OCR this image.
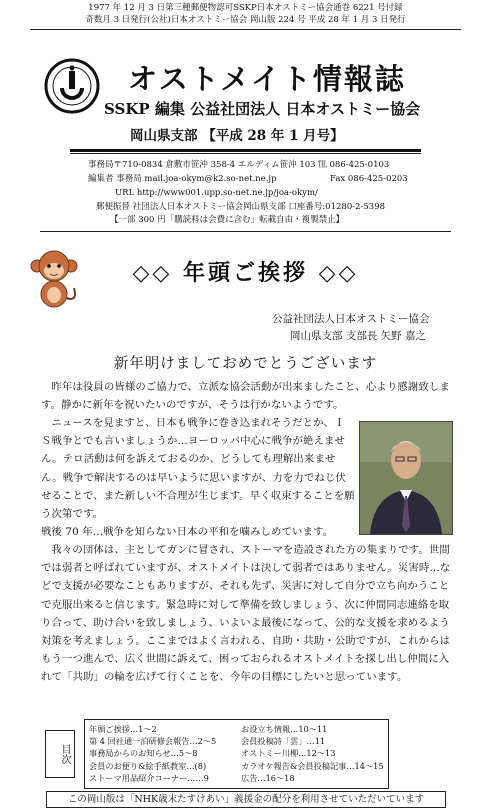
1977 年 12 月 3 日第三種郵便物認可SSKP日本オストミー協会通巻 6221 号付録
奇数月 3 日発行(公社)日本オストミー協会 岡山版 224 号 平成 28 年 1 月 3 日発行
オストメイト情報誌
SSKP 編集 公益社団法人 日本オストミー協会
岡山県支部 【平成 28 年 1 月号】
事務局〒710-0834 倉敷市笹沖 358-4 エルディム笹沖 103 ℡ 086-425-0103
編集者 事務局 mail.joa-okym@k2.so-net.ne.jp	Fax 086-425-0203
URL http://www001.upp.so-net.ne.jp/joa-okym/
郵便振替 社団法人日本オストミー協会岡山県支部 口座番号:01280-2-5398
【一部 300 円「購読料は会費に含む」転載自由・複製禁止】
◇◇ 年頭ご挨拶 ◇◇
公益社団法人日本オストミー協会
岡山県支部 支部長 矢野 嘉之
新年明けましておめでとうございます

昨年は役員の皆様のご協力で、立派な協会活動が出来ましたこと、心より感謝致します。静かに新年を祝いたいのですが、そうは行かないようです。

ニュースを見ますと、日本も戦争に巻き込まれそうだとか、ＩＳ戦争とでも言いましょうか…ヨーロッパ中心に戦争が絶えません。テロ活動は何を訴えておるのか、どうしても理解出来ません。戦争で解決するのは早いように思いますが、力を力でねじ伏せることで、また新しい不合理が生じます。早く収束することを願う次第です。

戦後 70 年…戦争を知らない日本の平和を噛みしめています。

我々の団体は、主としてガンに冒され、ストーマを造設された方の集まりです。世間では弱者と呼ばれていますが、オストメイトは決して弱者ではありません。災害時…などで支援が必要なこともありますが、それも先ず、災害に対して自分で立ち向かうことで克服出来ると信じます。緊急時に対して準備を致しましょう、次に仲間同志連絡を取り合って、助け合いを致しましょう、いよいよ最後になって、公的な支援を求めるよう対策を考えましょう。ここまではよく言われる、自助・共助・公助ですが、これからはもう一つ進んで、広く世間に訴えて、困っておられるオストメイトを探し出し仲間に入れて「共助」の輪を広げて行くことを、今年の目標にしたいと思っています。

目次
年頭ご挨拶…1～2
第 4 回社通一泊研修会報告…2～5
事務局からのお知らせ…5～8
会員のお便り&絵手紙教室…(8)
ストーマ用品紹介コーナー……9
お役立ち情報…10～11
会員投稿詩「雲」…11
オストミー川柳…12～13
カラオケ報告&会員投稿記事…14～15
広告…16～18
この岡山版は「NHK歳末たすけあい」義援金の配分を利用させていただいています
